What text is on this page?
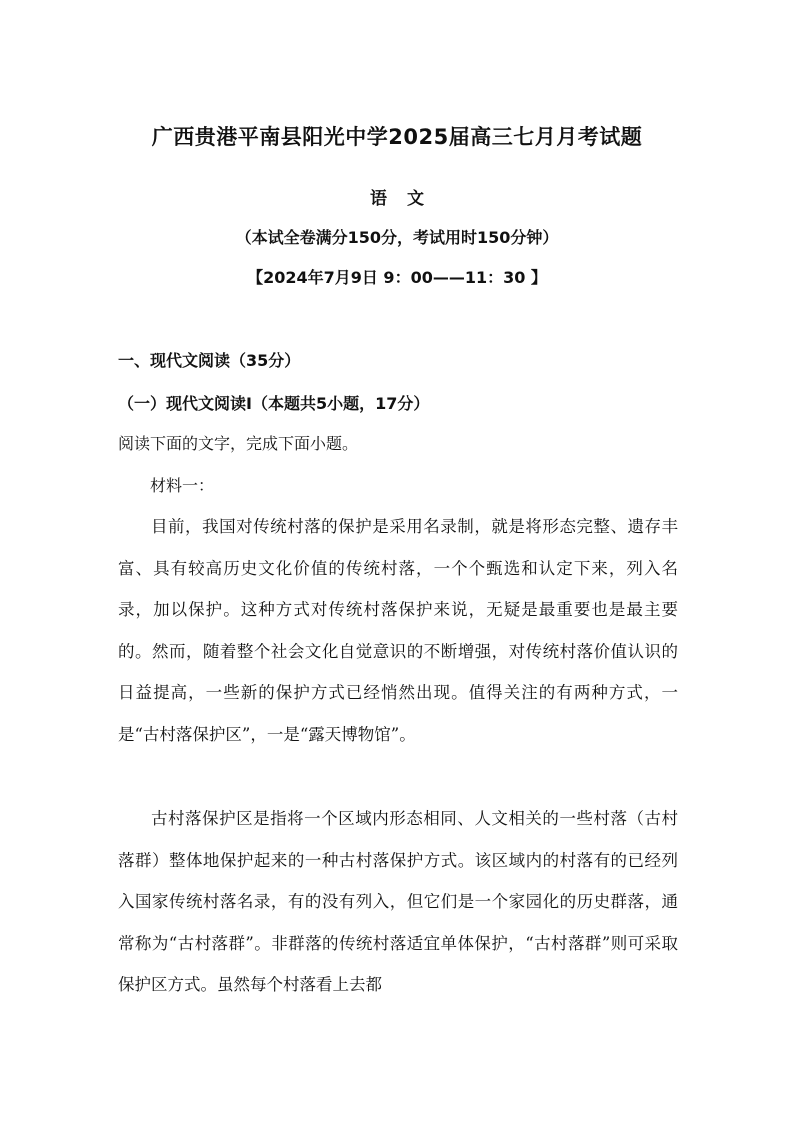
广西贵港平南县阳光中学2025届高三七月月考试题
语文
（本试全卷满分150分，考试用时150分钟）
【2024年7月9日 9：00——11：30 】
一、现代文阅读（35分）
（一）现代文阅读Ⅰ（本题共5小题，17分）
阅读下面的文字，完成下面小题。
材料一：

目前，我国对传统村落的保护是采用名录制，就是将形态完整、遗存丰富、具有较高历史文化价值的传统村落，一个个甄选和认定下来，列入名录，加以保护。这种方式对传统村落保护来说，无疑是最重要也是最主要的。然而，随着整个社会文化自觉意识的不断增强，对传统村落价值认识的日益提高，一些新的保护方式已经悄然出现。值得关注的有两种方式，一是“古村落保护区”，一是“露天博物馆”。

古村落保护区是指将一个区域内形态相同、人文相关的一些村落（古村落群）整体地保护起来的一种古村落保护方式。该区域内的村落有的已经列入国家传统村落名录，有的没有列入，但它们是一个家园化的历史群落，通常称为“古村落群”。非群落的传统村落适宜单体保护，“古村落群”则可采取保护区方式。虽然每个村落看上去都
